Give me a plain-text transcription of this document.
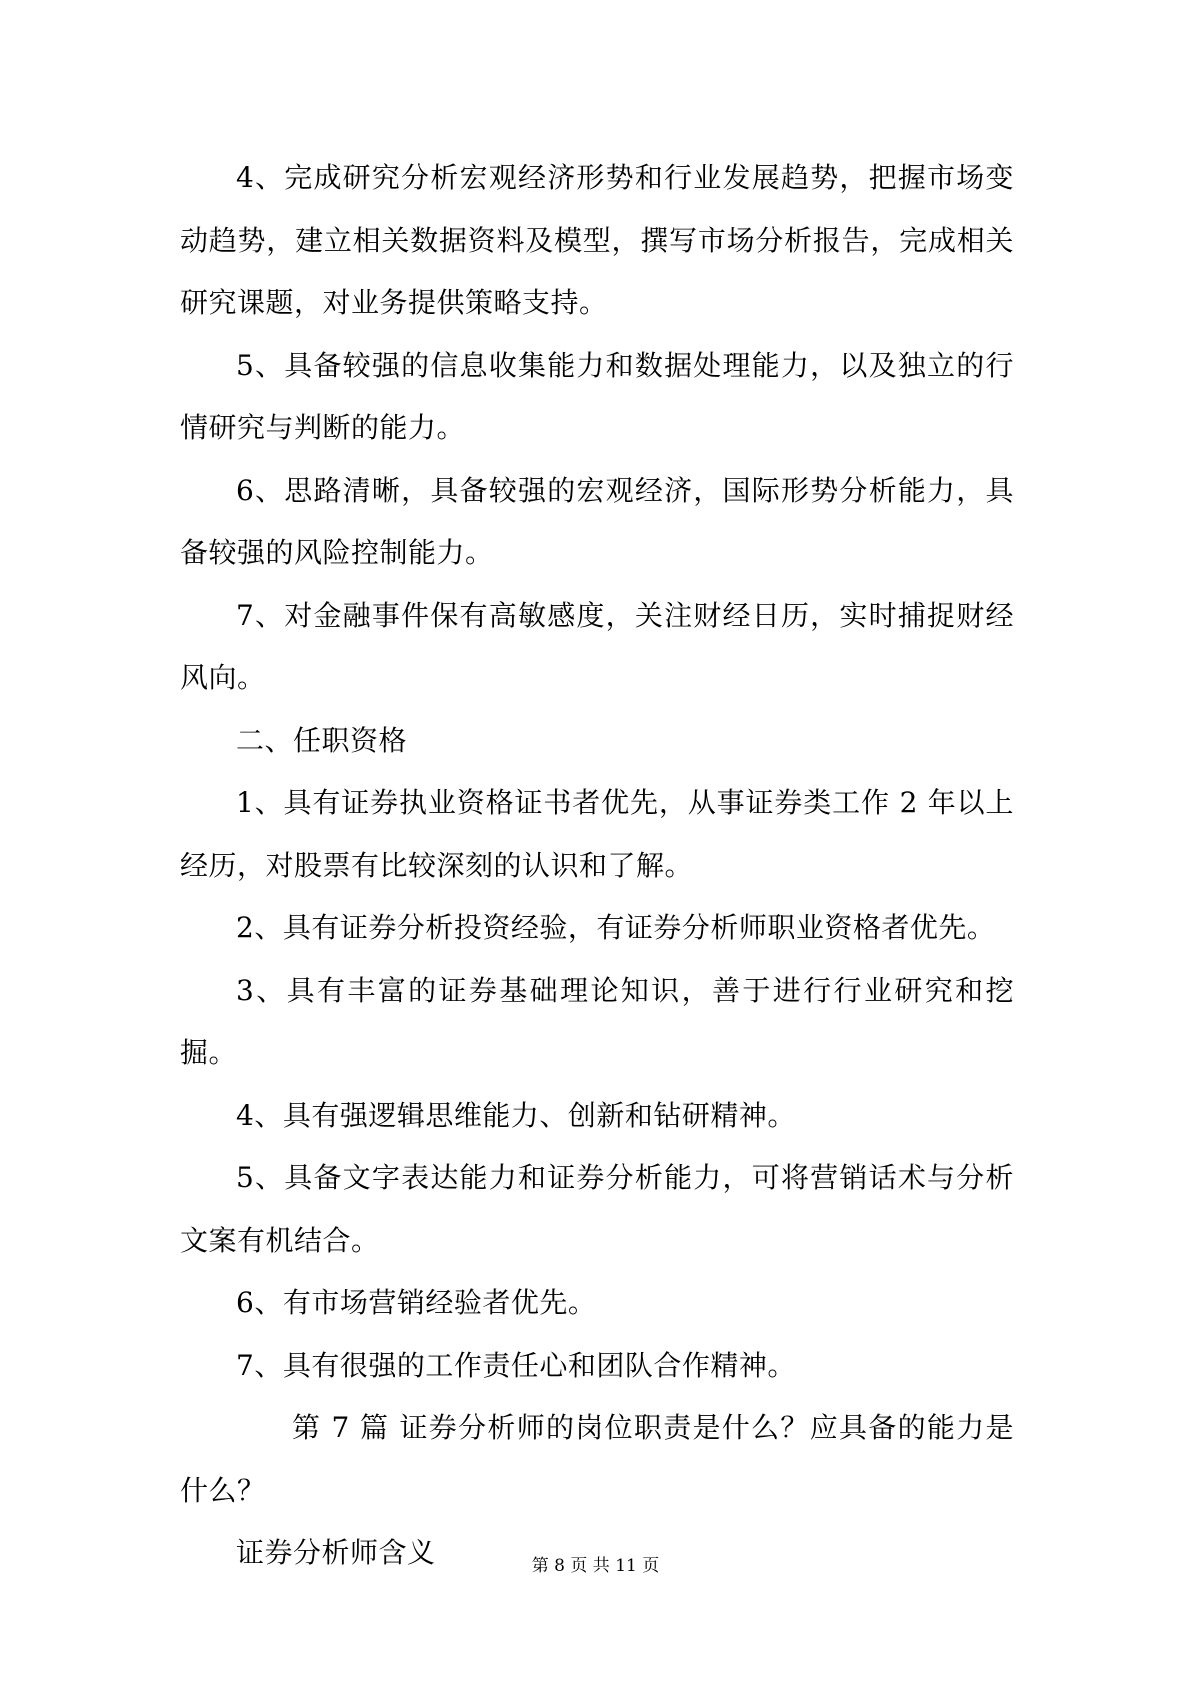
4、完成研究分析宏观经济形势和行业发展趋势，把握市场变动趋势，建立相关数据资料及模型，撰写市场分析报告，完成相关研究课题，对业务提供策略支持。

5、具备较强的信息收集能力和数据处理能力，以及独立的行情研究与判断的能力。

6、思路清晰，具备较强的宏观经济，国际形势分析能力，具备较强的风险控制能力。

7、对金融事件保有高敏感度，关注财经日历，实时捕捉财经风向。

二、任职资格

1、具有证券执业资格证书者优先，从事证券类工作 2 年以上经历，对股票有比较深刻的认识和了解。

2、具有证券分析投资经验，有证券分析师职业资格者优先。

3、具有丰富的证券基础理论知识，善于进行行业研究和挖掘。

4、具有强逻辑思维能力、创新和钻研精神。

5、具备文字表达能力和证券分析能力，可将营销话术与分析文案有机结合。

6、有市场营销经验者优先。

7、具有很强的工作责任心和团队合作精神。

第 7 篇 证券分析师的岗位职责是什么？应具备的能力是什么？

证券分析师含义	第 8 页 共 11 页
